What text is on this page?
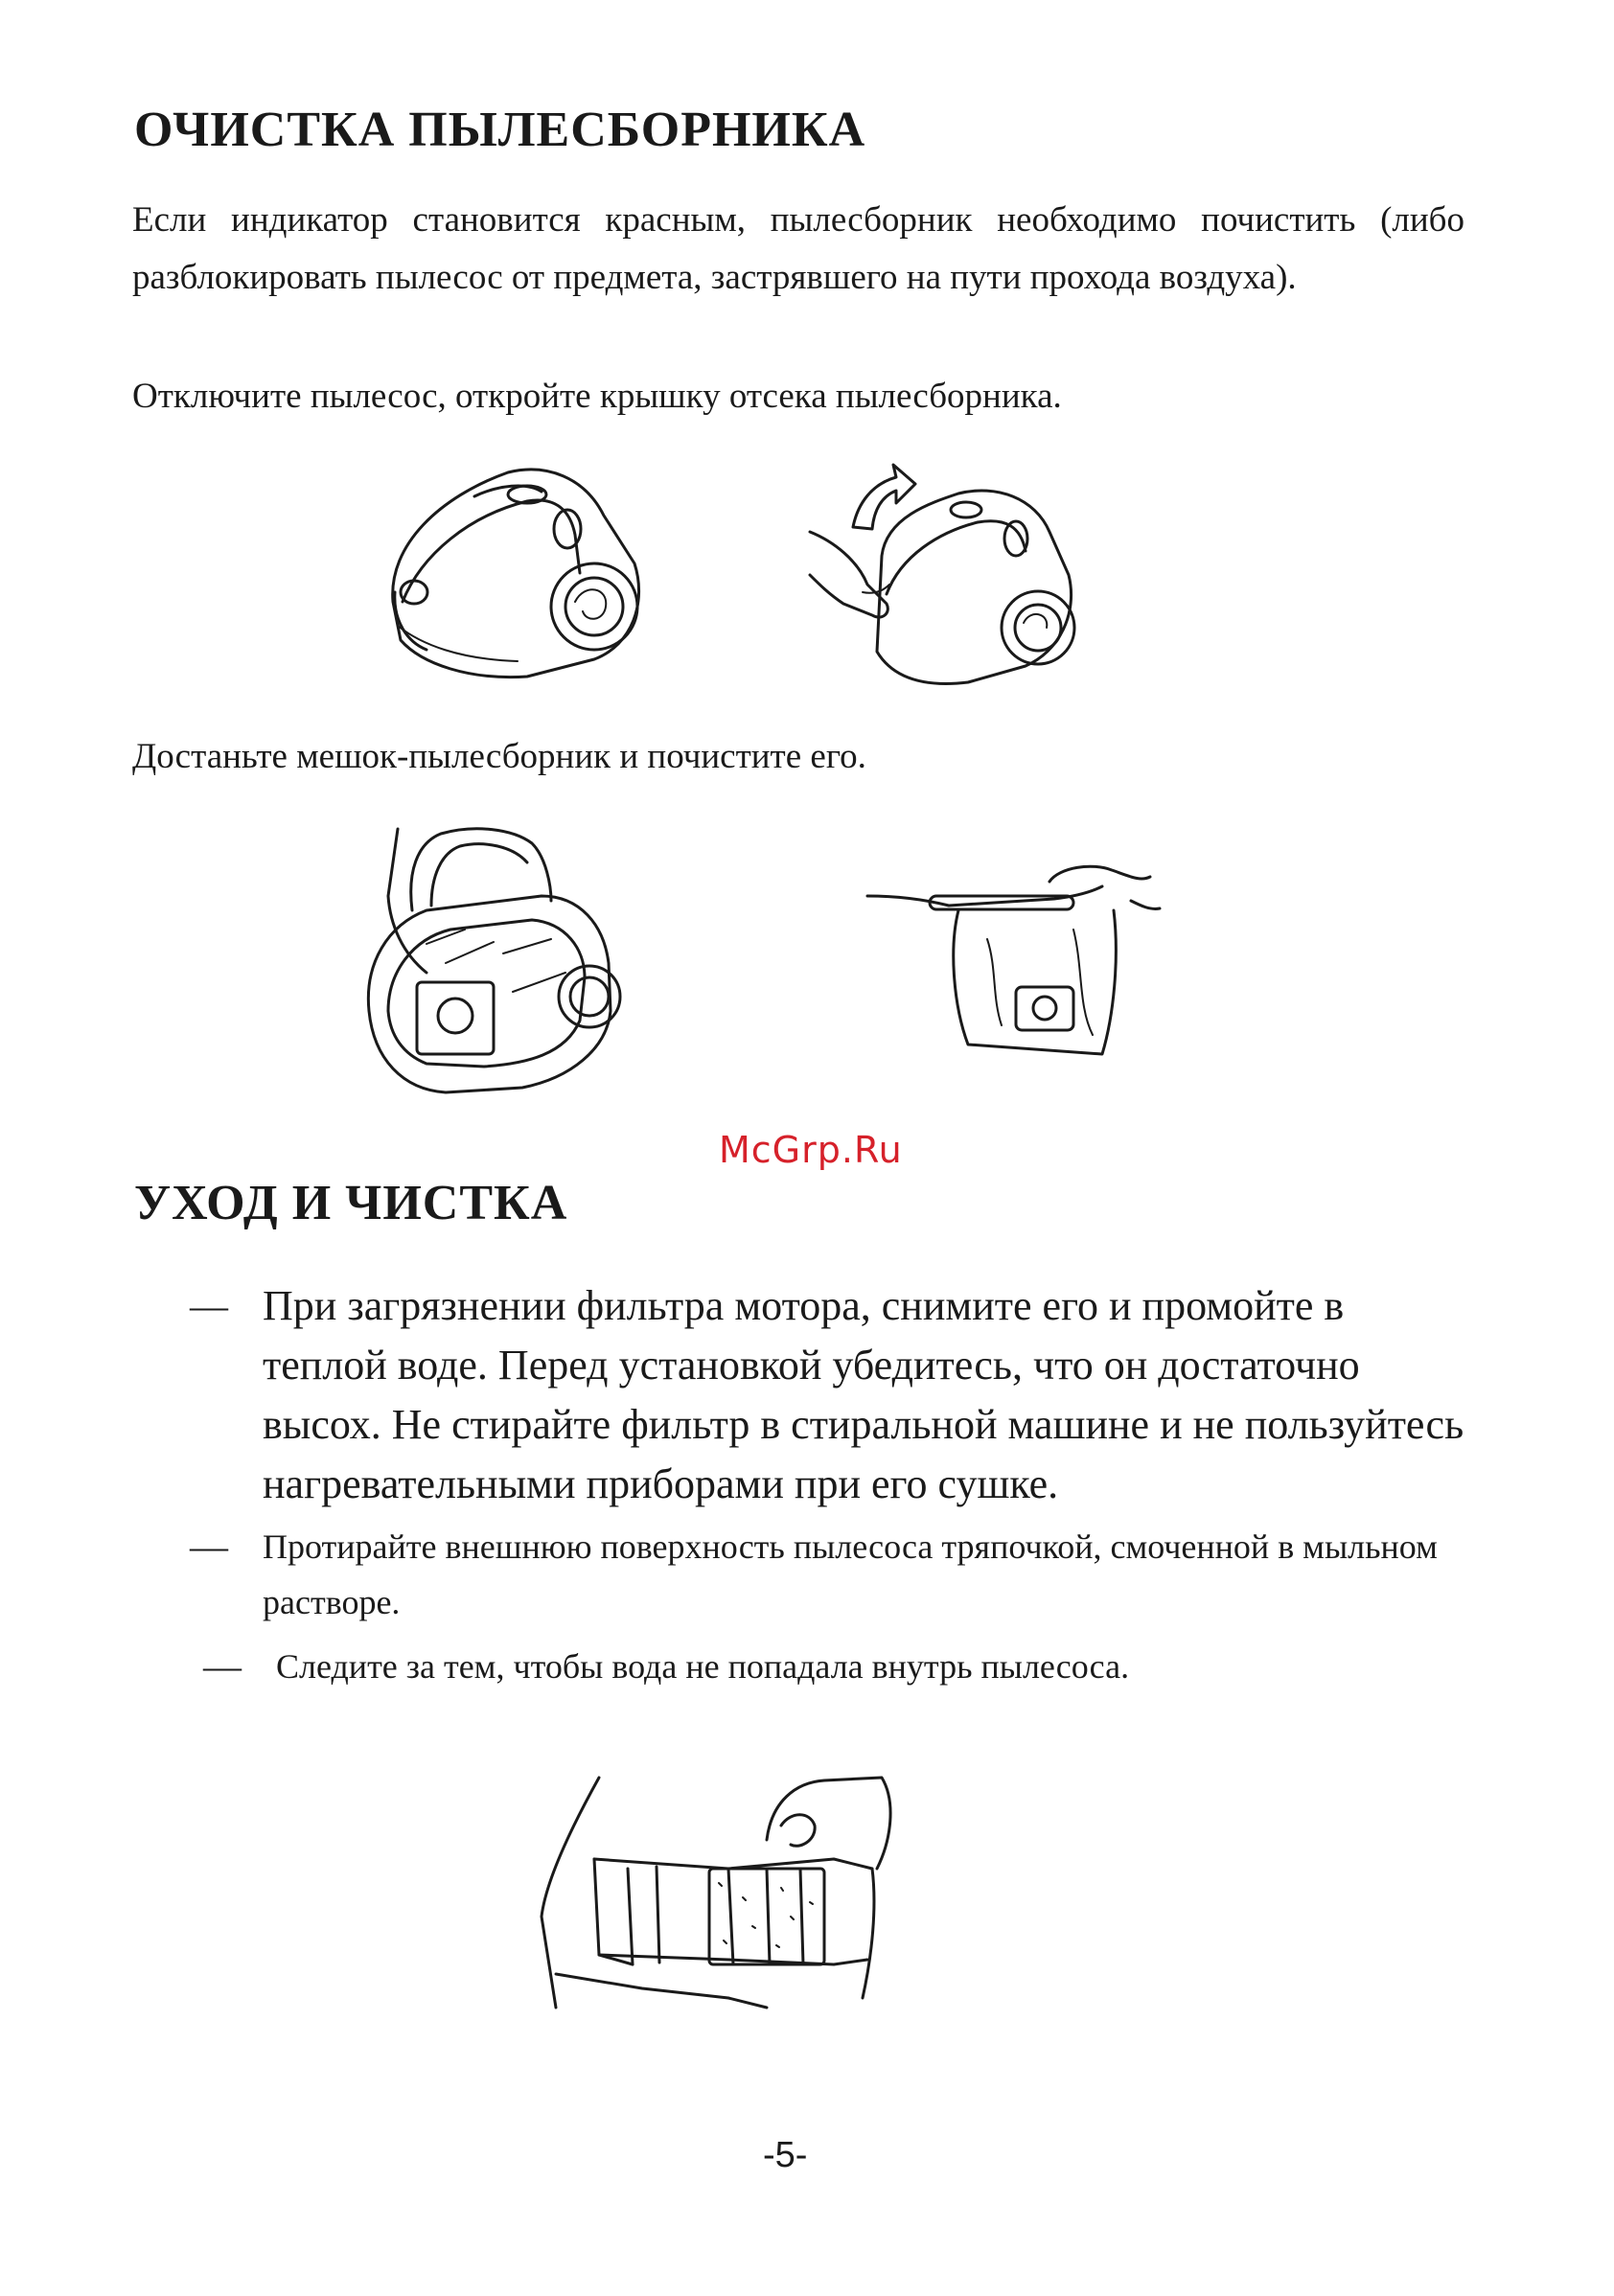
ОЧИСТКА ПЫЛЕСБОРНИКА

Если индикатор становится красным, пылесборник необходимо почистить (либо разблокировать пылесос от предмета, застрявшего на пути прохода воздуха).

Отключите пылесос, откройте крышку отсека пылесборника.

Достаньте мешок-пылесборник и почистите его.

McGrp.Ru
УХОД И ЧИСТКА
— При загрязнении фильтра мотора, снимите его и промойте в теплой воде. Перед установкой убедитесь, что он достаточно высох. Не стирайте фильтр в стиральной машине и не пользуйтесь нагревательными приборами при его сушке.
—	Протирайте внешнюю поверхность пылесоса тряпочкой, смоченной в мыльном растворе.
—	Следите за тем, чтобы вода не попадала внутрь пылесоса.
-5-
